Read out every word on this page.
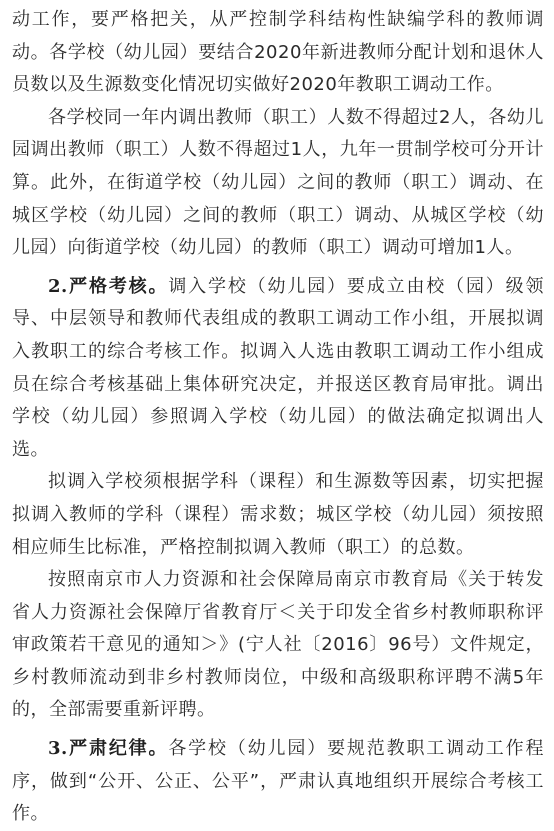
动工作，要严格把关，从严控制学科结构性缺编学科的教师调动。各学校（幼儿园）要结合2020年新进教师分配计划和退休人员数以及生源数变化情况切实做好2020年教职工调动工作。

各学校同一年内调出教师（职工）人数不得超过2人，各幼儿园调出教师（职工）人数不得超过1人，九年一贯制学校可分开计算。此外，在街道学校（幼儿园）之间的教师（职工）调动、在城区学校（幼儿园）之间的教师（职工）调动、从城区学校（幼儿园）向街道学校（幼儿园）的教师（职工）调动可增加1人。

2.严格考核。调入学校（幼儿园）要成立由校（园）级领导、中层领导和教师代表组成的教职工调动工作小组，开展拟调入教职工的综合考核工作。拟调入人选由教职工调动工作小组成员在综合考核基础上集体研究决定，并报送区教育局审批。调出学校（幼儿园）参照调入学校（幼儿园）的做法确定拟调出人选。

拟调入学校须根据学科（课程）和生源数等因素，切实把握拟调入教师的学科（课程）需求数；城区学校（幼儿园）须按照相应师生比标准，严格控制拟调入教师（职工）的总数。

按照南京市人力资源和社会保障局南京市教育局《关于转发省人力资源社会保障厅省教育厅＜关于印发全省乡村教师职称评审政策若干意见的通知＞》(宁人社〔2016〕96号）文件规定，乡村教师流动到非乡村教师岗位，中级和高级职称评聘不满5年的，全部需要重新评聘。

3.严肃纪律。各学校（幼儿园）要规范教职工调动工作程序，做到“公开、公正、公平”，严肃认真地组织开展综合考核工作。
